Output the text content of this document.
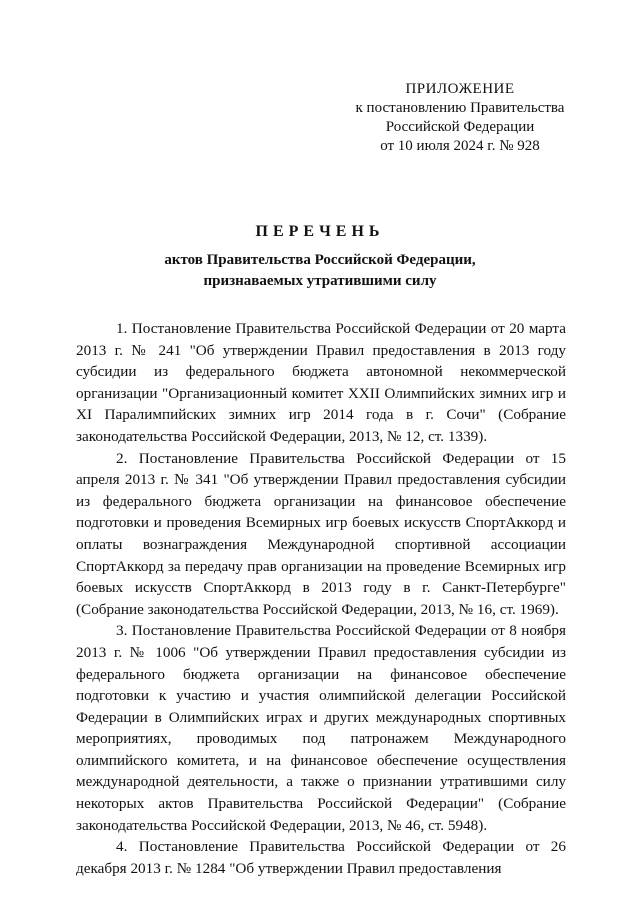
ПРИЛОЖЕНИЕ
к постановлению Правительства
Российской Федерации
от 10 июля 2024 г. № 928
ПЕРЕЧЕНЬ
актов Правительства Российской Федерации,
признаваемых утратившими силу

1. Постановление Правительства Российской Федерации от 20 марта 2013 г. № 241 "Об утверждении Правил предоставления в 2013 году субсидии из федерального бюджета автономной некоммерческой организации "Организационный комитет XXII Олимпийских зимних игр и XI Паралимпийских зимних игр 2014 года в г. Сочи" (Собрание законодательства Российской Федерации, 2013, № 12, ст. 1339).

2. Постановление Правительства Российской Федерации от 15 апреля 2013 г. № 341 "Об утверждении Правил предоставления субсидии из федерального бюджета организации на финансовое обеспечение подготовки и проведения Всемирных игр боевых искусств СпортАккорд и оплаты вознаграждения Международной спортивной ассоциации СпортАккорд за передачу прав организации на проведение Всемирных игр боевых искусств СпортАккорд в 2013 году в г. Санкт-Петербурге" (Собрание законодательства Российской Федерации, 2013, № 16, ст. 1969).

3. Постановление Правительства Российской Федерации от 8 ноября 2013 г. № 1006 "Об утверждении Правил предоставления субсидии из федерального бюджета организации на финансовое обеспечение подготовки к участию и участия олимпийской делегации Российской Федерации в Олимпийских играх и других международных спортивных мероприятиях, проводимых под патронажем Международного олимпийского комитета, и на финансовое обеспечение осуществления международной деятельности, а также о признании утратившими силу некоторых актов Правительства Российской Федерации" (Собрание законодательства Российской Федерации, 2013, № 46, ст. 5948).

4. Постановление Правительства Российской Федерации от 26 декабря 2013 г. № 1284 "Об утверждении Правил предоставления
